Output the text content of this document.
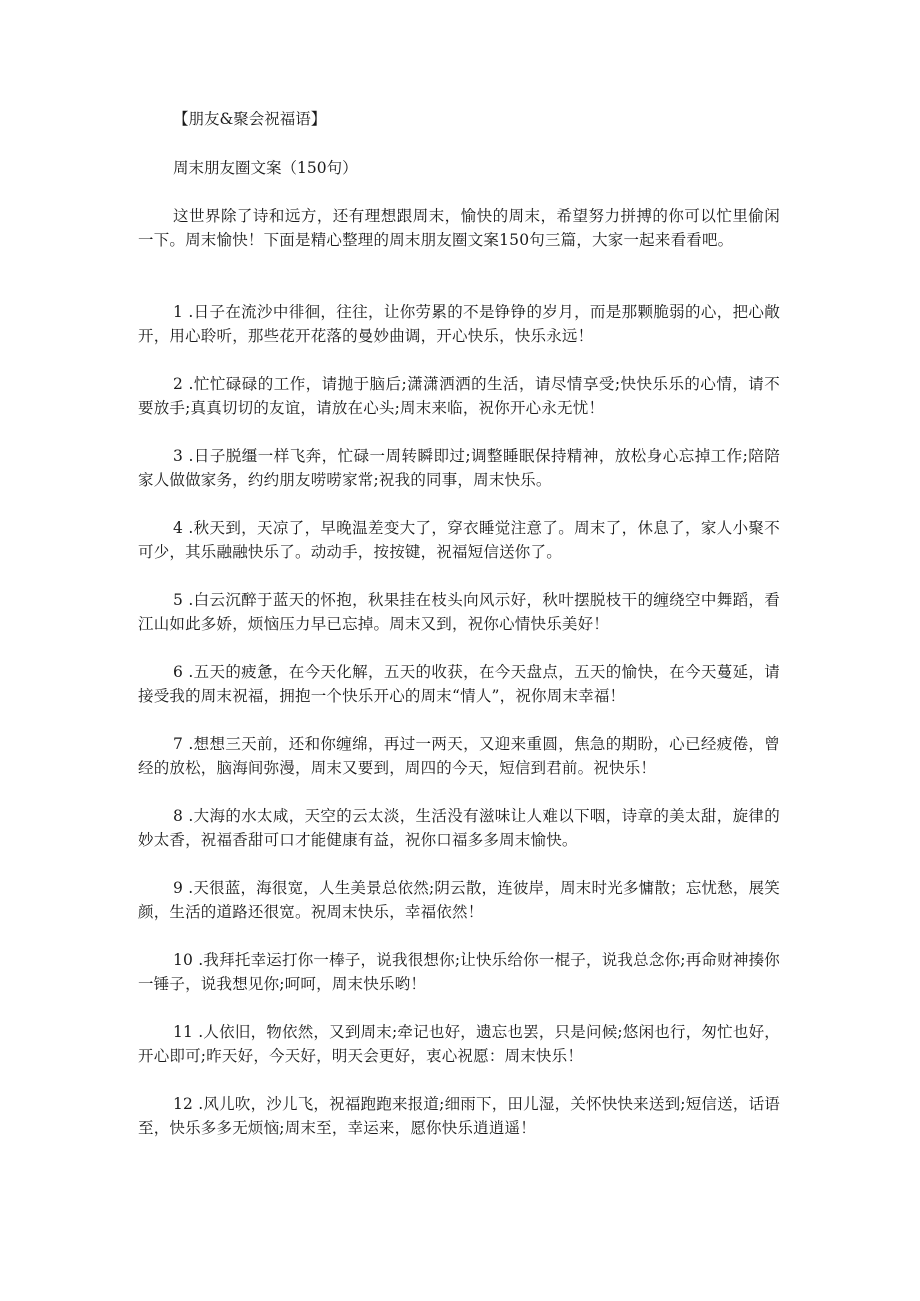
【朋友&聚会祝福语】

周末朋友圈文案（150句）

这世界除了诗和远方，还有理想跟周末，愉快的周末，希望努力拼搏的你可以忙里偷闲一下。周末愉快！下面是精心整理的周末朋友圈文案150句三篇，大家一起来看看吧。

1 .日子在流沙中徘徊，往往，让你劳累的不是铮铮的岁月，而是那颗脆弱的心，把心敞开，用心聆听，那些花开花落的曼妙曲调，开心快乐，快乐永远！

2 .忙忙碌碌的工作，请抛于脑后;潇潇洒洒的生活，请尽情享受;快快乐乐的心情，请不要放手;真真切切的友谊，请放在心头;周末来临，祝你开心永无忧！

3 .日子脱缰一样飞奔，忙碌一周转瞬即过;调整睡眠保持精神，放松身心忘掉工作;陪陪家人做做家务，约约朋友唠唠家常;祝我的同事，周末快乐。

4 .秋天到，天凉了，早晚温差变大了，穿衣睡觉注意了。周末了，休息了，家人小聚不可少，其乐融融快乐了。动动手，按按键，祝福短信送你了。

5 .白云沉醉于蓝天的怀抱，秋果挂在枝头向风示好，秋叶摆脱枝干的缠绕空中舞蹈，看江山如此多娇，烦恼压力早已忘掉。周末又到，祝你心情快乐美好！

6 .五天的疲惫，在今天化解，五天的收获，在今天盘点，五天的愉快，在今天蔓延，请接受我的周末祝福，拥抱一个快乐开心的周末“情人”，祝你周末幸福！

7 .想想三天前，还和你缠绵，再过一两天，又迎来重圆，焦急的期盼，心已经疲倦，曾经的放松，脑海间弥漫，周末又要到，周四的今天，短信到君前。祝快乐！

8 .大海的水太咸，天空的云太淡，生活没有滋味让人难以下咽，诗章的美太甜，旋律的妙太香，祝福香甜可口才能健康有益，祝你口福多多周末愉快。

9 .天很蓝，海很宽，人生美景总依然;阴云散，连彼岸，周末时光多慵散；忘忧愁，展笑颜，生活的道路还很宽。祝周末快乐，幸福依然！

10 .我拜托幸运打你一棒子，说我很想你;让快乐给你一棍子，说我总念你;再命财神揍你一锤子，说我想见你;呵呵，周末快乐哟！

11 .人依旧，物依然，又到周末;牵记也好，遗忘也罢，只是问候;悠闲也行，匆忙也好，开心即可;昨天好，今天好，明天会更好，衷心祝愿：周末快乐！

12 .风儿吹，沙儿飞，祝福跑跑来报道;细雨下，田儿湿，关怀快快来送到;短信送，话语至，快乐多多无烦恼;周末至，幸运来，愿你快乐逍逍遥！
